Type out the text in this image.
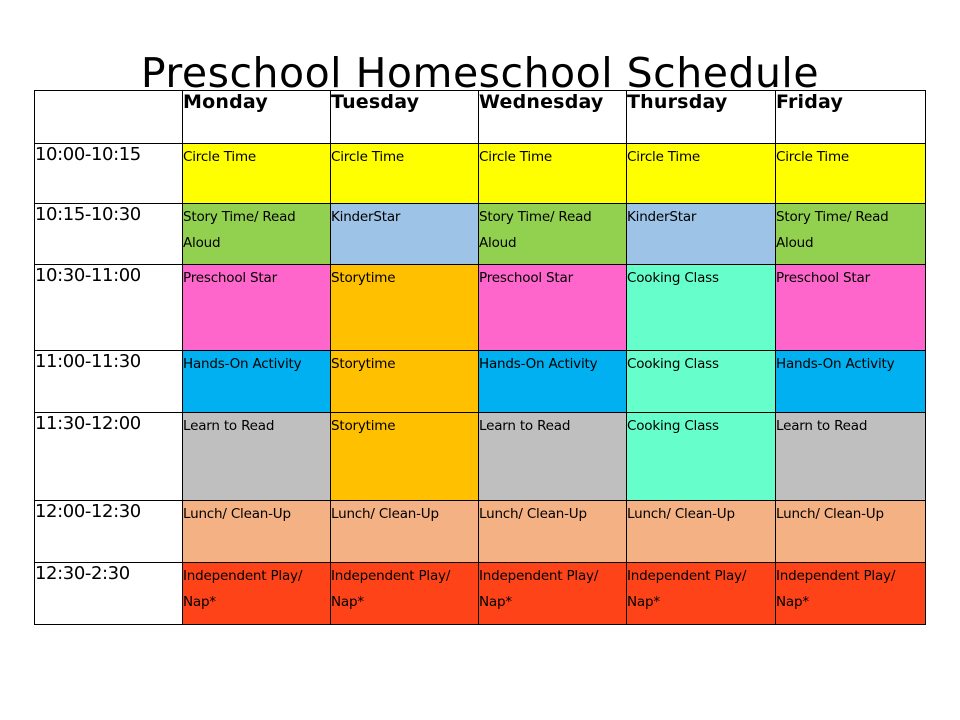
Preschool Homeschool Schedule
	Monday	Tuesday	Wednesday	Thursday	Friday
10:00-10:15	Circle Time	Circle Time	Circle Time	Circle Time	Circle Time
10:15-10:30	Story Time/ Read Aloud	KinderStar	Story Time/ Read Aloud	KinderStar	Story Time/ Read Aloud
10:30-11:00	Preschool Star	Storytime	Preschool Star	Cooking Class	Preschool Star
11:00-11:30	Hands-On Activity	Storytime	Hands-On Activity	Cooking Class	Hands-On Activity
11:30-12:00	Learn to Read	Storytime	Learn to Read	Cooking Class	Learn to Read
12:00-12:30	Lunch/ Clean-Up	Lunch/ Clean-Up	Lunch/ Clean-Up	Lunch/ Clean-Up	Lunch/ Clean-Up
12:30-2:30	Independent Play/ Nap*	Independent Play/ Nap*	Independent Play/ Nap*	Independent Play/ Nap*	Independent Play/ Nap*
